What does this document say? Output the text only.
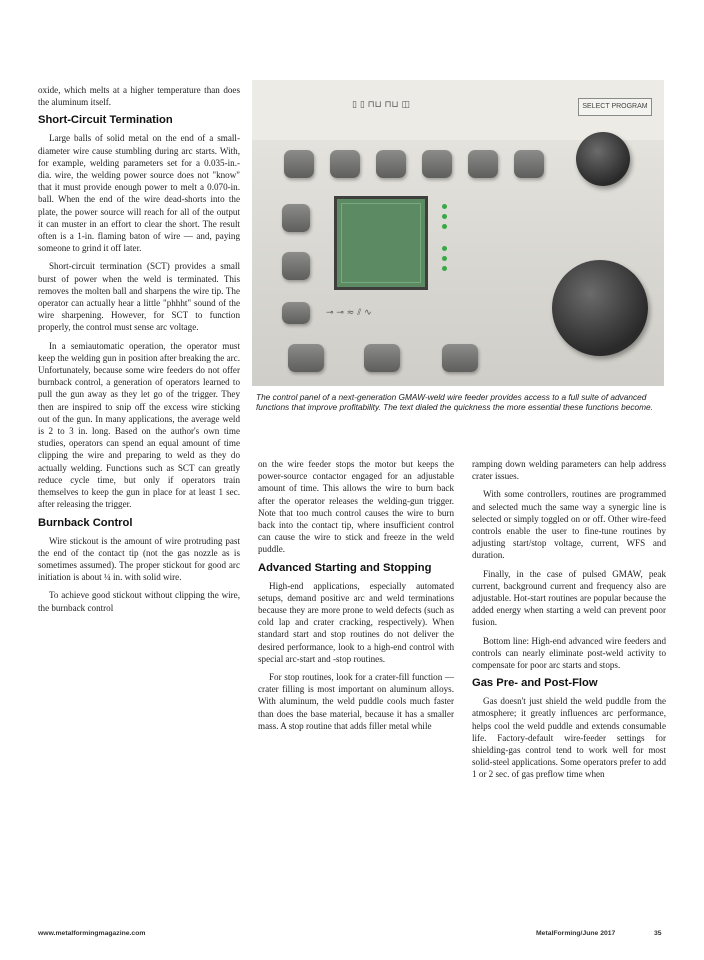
oxide, which melts at a higher temperature than does the aluminum itself.

Short-Circuit Termination

Large balls of solid metal on the end of a small-diameter wire cause stumbling during arc starts. With, for example, welding parameters set for a 0.035-in.-dia. wire, the welding power source does not "know" that it must provide enough power to melt a 0.070-in. ball. When the end of the wire dead-shorts into the plate, the power source will reach for all of the output it can muster in an effort to clear the short. The result often is a 1-in. flaming baton of wire — and, paying someone to grind it off later.

Short-circuit termination (SCT) provides a small burst of power when the weld is terminated. This removes the molten ball and sharpens the wire tip. The operator can actually hear a little "phhht" sound of the wire sharpening. However, for SCT to function properly, the control must sense arc voltage.

In a semiautomatic operation, the operator must keep the welding gun in position after breaking the arc. Unfortunately, because some wire feeders do not offer burnback control, a generation of operators learned to pull the gun away as they let go of the trigger. They then are inspired to snip off the excess wire sticking out of the gun. In many applications, the average weld is 2 to 3 in. long. Based on the author's own time studies, operators can spend an equal amount of time clipping the wire and preparing to weld as they do actually welding. Functions such as SCT can greatly reduce cycle time, but only if operators train themselves to keep the gun in place for at least 1 sec. after releasing the trigger.

Burnback Control

Wire stickout is the amount of wire protruding past the end of the contact tip (not the gas nozzle as is sometimes assumed). The proper stickout for good arc initiation is about ¼ in. with solid wire.

To achieve good stickout without clipping the wire, the burnback control

SELECT PROGRAM
▯ ▯ ⊓⊔ ⊓⊔ ◫
⊸ ⊸ ≈ ⫽ ∿
The control panel of a next-generation GMAW-weld wire feeder provides access to a full suite of advanced functions that improve profitability. The text dialed the quickness the more essential these functions become.

on the wire feeder stops the motor but keeps the power-source contactor engaged for an adjustable amount of time. This allows the wire to burn back after the operator releases the welding-gun trigger. Note that too much control causes the wire to burn back into the contact tip, where insufficient control can cause the wire to stick and freeze in the weld puddle.

Advanced Starting and Stopping

High-end applications, especially automated setups, demand positive arc and weld terminations because they are more prone to weld defects (such as cold lap and crater cracking, respectively). When standard start and stop routines do not deliver the desired performance, look to a high-end control with special arc-start and -stop routines.

For stop routines, look for a crater-fill function — crater filling is most important on aluminum alloys. With aluminum, the weld puddle cools much faster than does the base material, because it has a smaller mass. A stop routine that adds filler metal while

ramping down welding parameters can help address crater issues.

With some controllers, routines are programmed and selected much the same way a synergic line is selected or simply toggled on or off. Other wire-feed controls enable the user to fine-tune routines by adjusting start/stop voltage, current, WFS and duration.

Finally, in the case of pulsed GMAW, peak current, background current and frequency also are adjustable. Hot-start routines are popular because the added energy when starting a weld can prevent poor fusion.

Bottom line: High-end advanced wire feeders and controls can nearly eliminate post-weld activity to compensate for poor arc starts and stops.

Gas Pre- and Post-Flow

Gas doesn't just shield the weld puddle from the atmosphere; it greatly influences arc performance, helps cool the weld puddle and extends consumable life. Factory-default wire-feeder settings for shielding-gas control tend to work well for most solid-steel applications. Some operators prefer to add 1 or 2 sec. of gas preflow time when

www.metalformingmagazine.com	MetalForming/June 2017	35
